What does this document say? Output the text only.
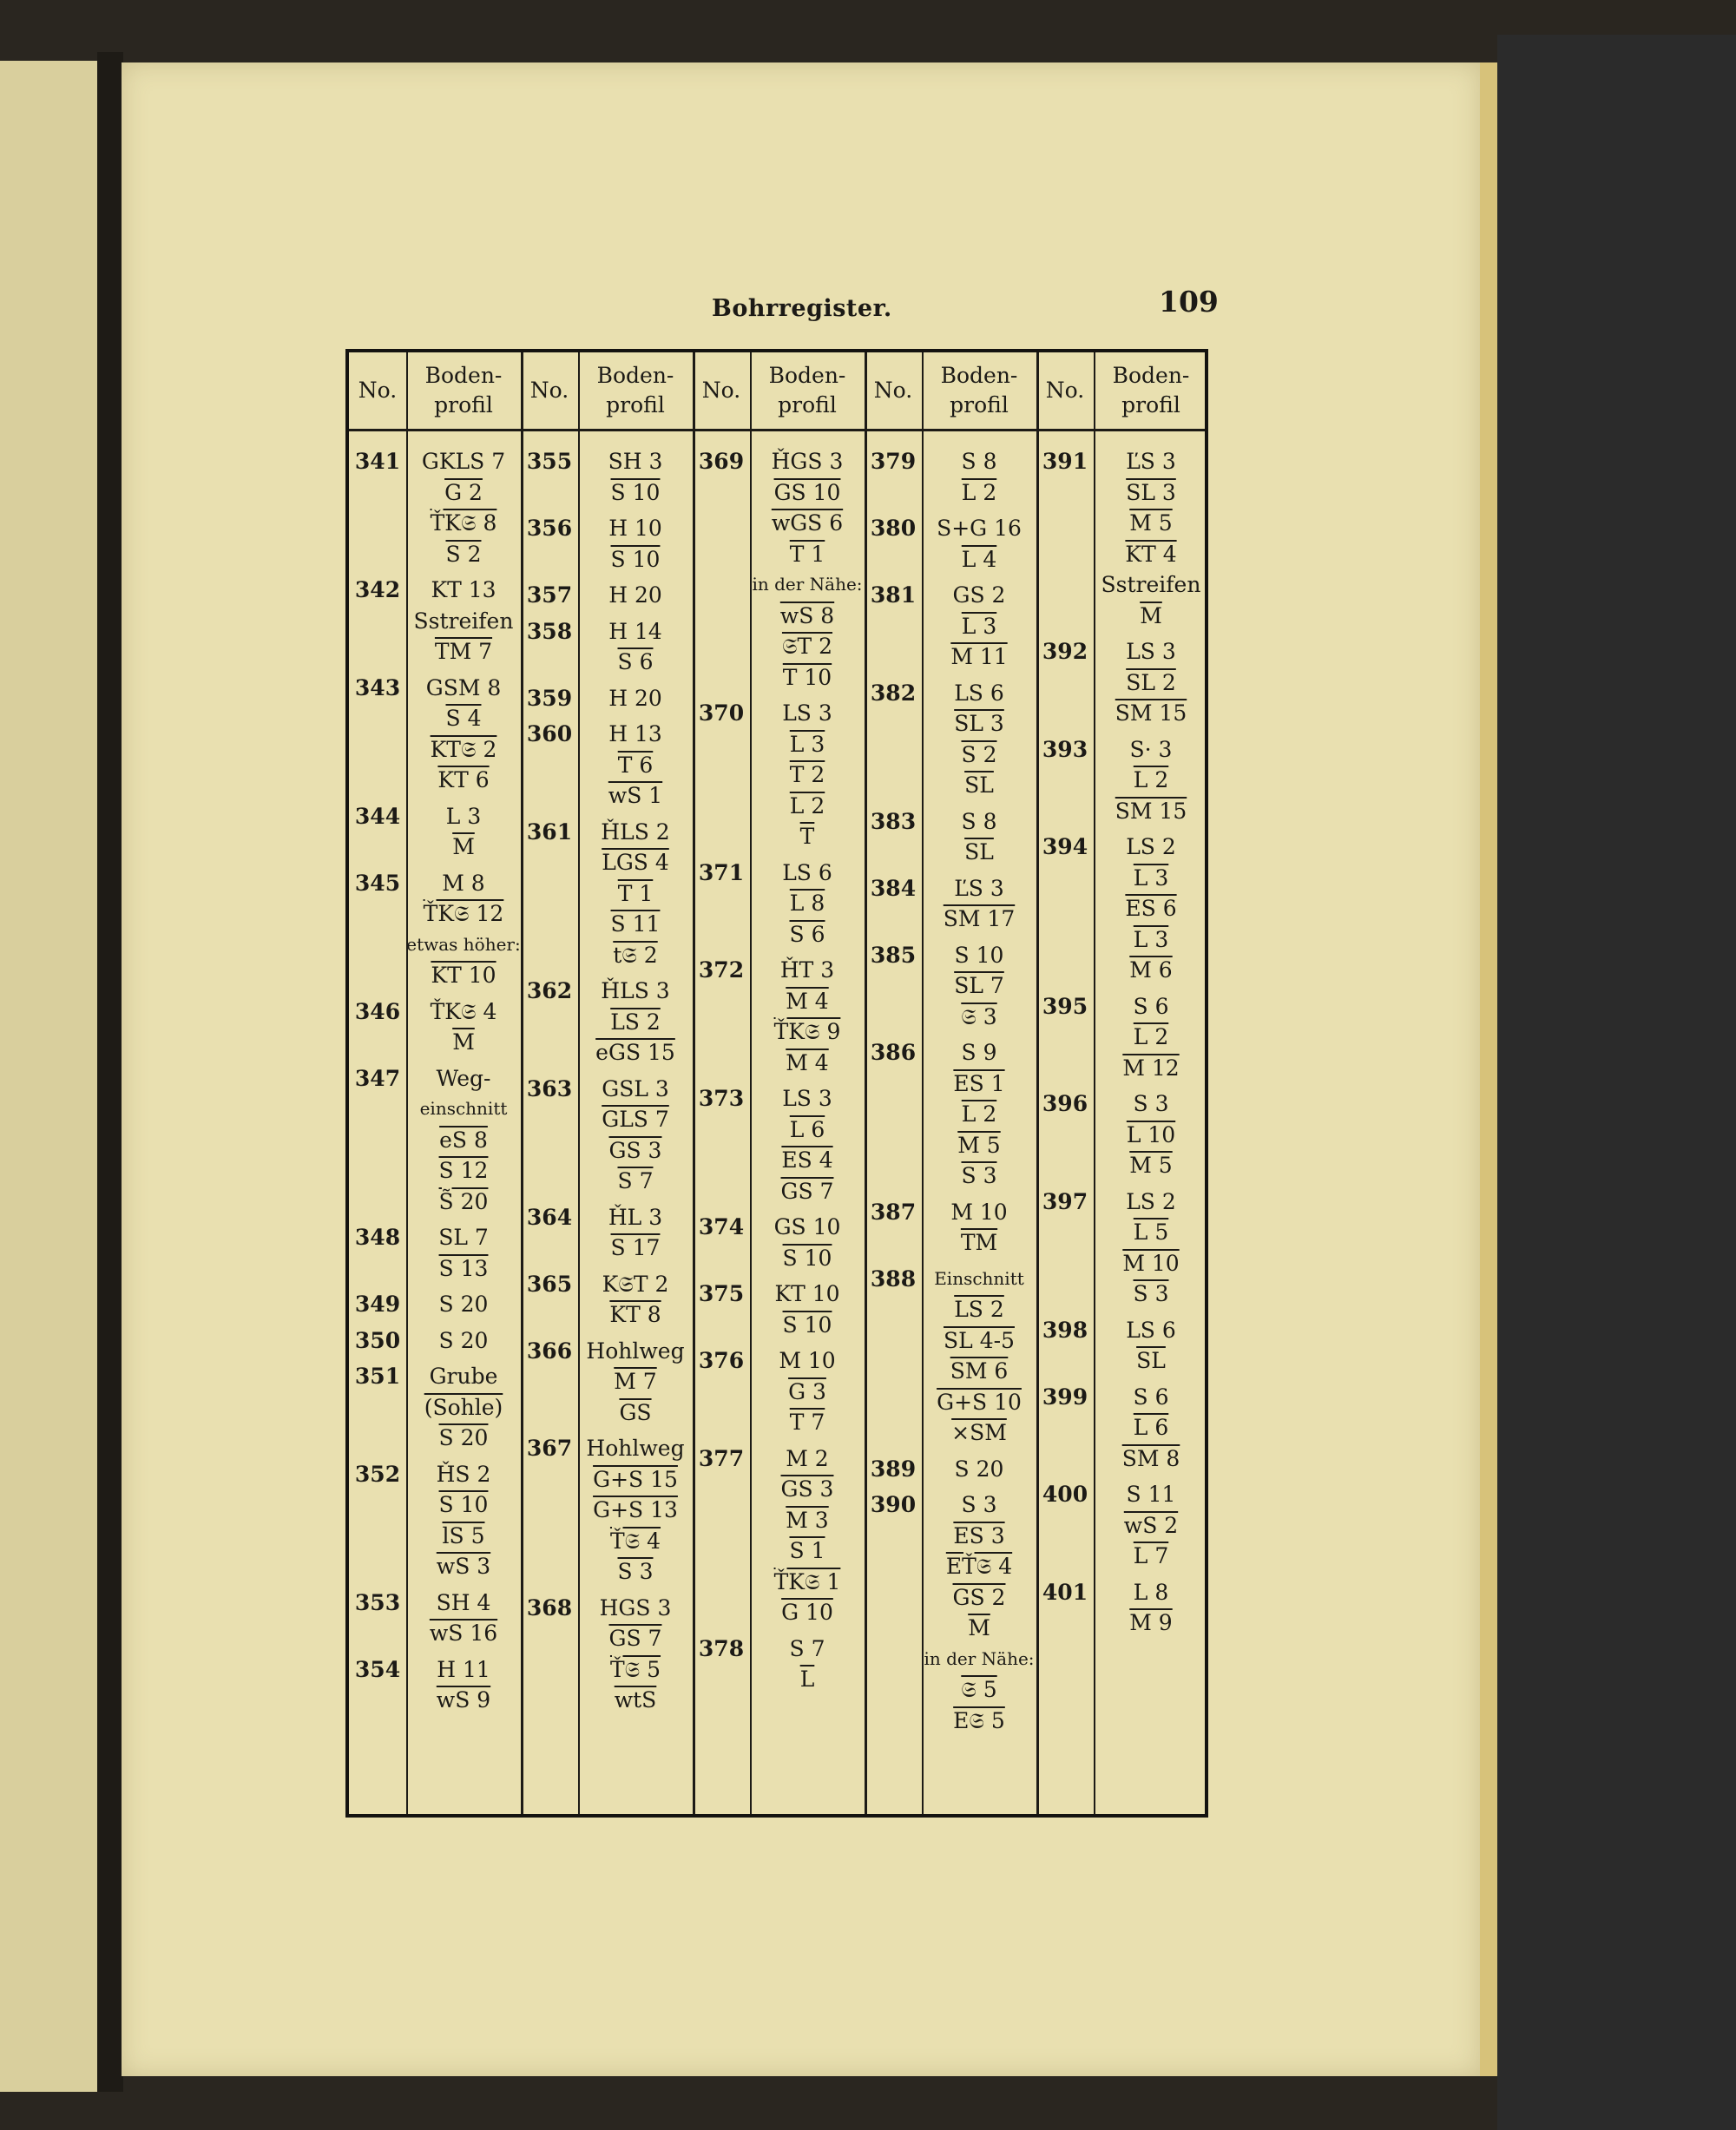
Bohrregister.	109
No.
Boden-
profil
No.
Boden-
profil
No.
Boden-
profil
No.
Boden-
profil
No.
Boden-
profil
341 GKLS 7
G 2
ŤK𝔖 8
S 2
342	KT 13
Sstreifen
TM 7
343	GSM 8
S 4
KT𝔖 2
KT 6
344	L 3
$\overline{M}$
345	M 8
ŤK𝔖 12
etwas höher:
KT 10
346	ŤK𝔖 4
$\overline{M}$
347	Weg-
einschnitt
eS 8
S 12
S̃ 20
348	SL 7
S 13
349	S 20
350	S 20
351	Grube
(Sohle)
S 20
352	ȞS 2
S 10
lS 5
wS 3
353	SH 4
wS 16
354	H 11
wS 9
355	SH 3
S 10
356	H 10
S 10
357	H 20
358	H 14
S 6
359	H 20
360	H 13
T 6
wS 1
361	ȞLS 2
LGS 4
T 1
S 11
t𝔖 2
362	ȞLS 3
LS 2
eGS 15
363	GSL 3
GLS 7
GS 3
S 7
364	ȞL 3
S 17
365	K𝔖T 2
KT 8
366 Hohlweg
M 7
$\overline{GS}$
367 Hohlweg
G+S 15
G+S 13
Ť𝔖 4
S 3
368	HGS 3
GS 7
Ť𝔖 5
$\overline{wtS}$
369	ȞGS 3
GS 10
wGS 6
T 1
in der Nähe:
wS 8
𝔖T 2
T 10
370	LS 3
L 3
T 2
L 2
$\overline{T}$
371	LS 6
L 8
S 6
372	ȞT 3
M 4
ŤK𝔖 9
M 4
373	LS 3
L 6
ES 4
GS 7
374	GS 10
S 10
375	KT 10
S 10
376	M 10
G 3
T 7
377	M 2
GS 3
M 3
S 1
ŤK𝔖 1
G 10
378	S 7
$\overline{L}$
379	S 8
L 2
380 S+G 16
L 4
381	GS 2
L 3
M 11
382	LS 6
SL 3
S 2
$\overline{SL}$
383	S 8
$\overline{SL}$
384	ĽS 3
SM 17
385	S 10
SL 7
𝔖 3
386	S 9
ES 1
L 2
M 5
S 3
387	M 10
$\overline{TM}$
388	Einschnitt
LS 2
SL 4-5
SM 6
G+S 10
×SM
389	S 20
390	S 3
ES 3
EŤ𝔖 4
GS 2
$\overline{M}$
in der Nähe:
𝔖 5
E𝔖 5
391	ĽS 3
SL 3
M 5
KT 4
Sstreifen
$\overline{M}$
392	LS 3
SL 2
SM 15
393	S· 3
L 2
SM 15
394	LS 2
L 3
ES 6
L 3
M 6
395	S 6
L 2
M 12
396	S 3
L 10
M 5
397	LS 2
L 5
M 10
S 3
398	LS 6
$\overline{SL}$
399	S 6
L 6
SM 8
400	S 11
wS 2
L 7
401	L 8
M 9
